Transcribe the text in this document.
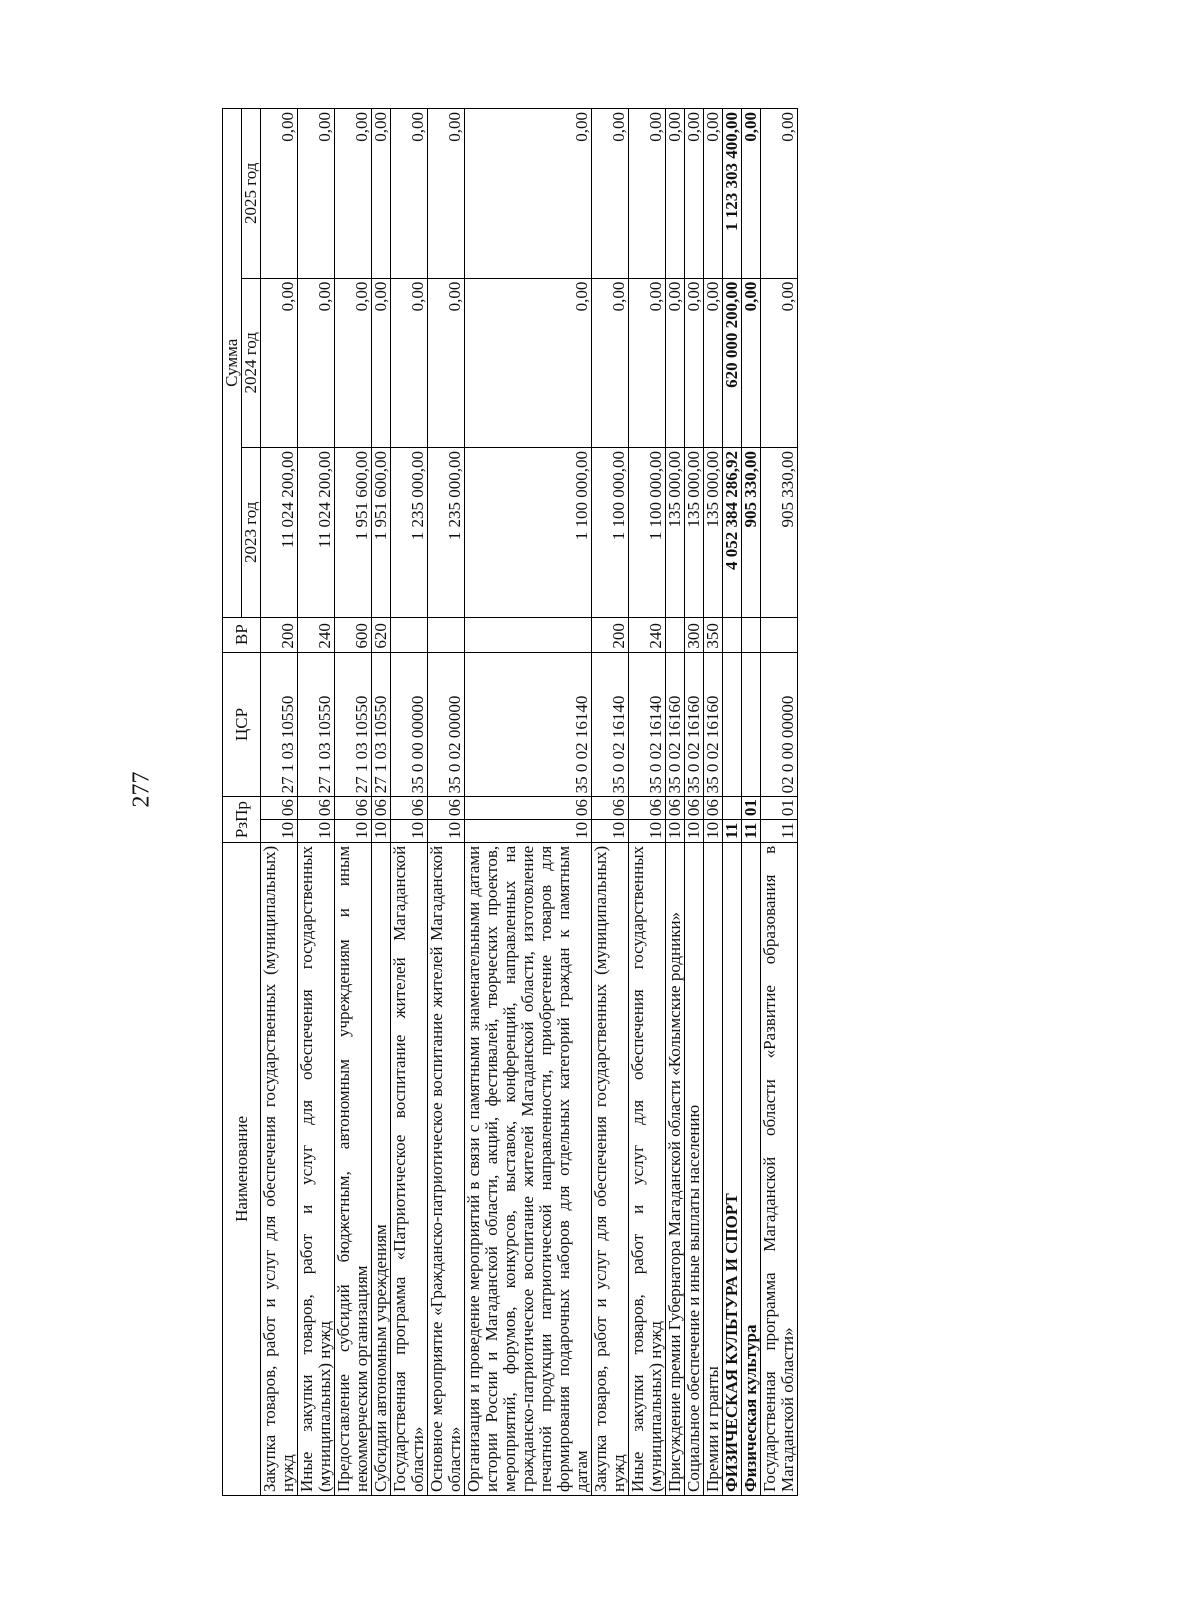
277
Наименование	РзПр		ЦСР	ВР	Сумма		
					2023 год	2024 год	2025 год
Закупка товаров, работ и услуг для обеспечения государственных (муниципальных) нужд	10	06	27 1 03 10550	200	11 024 200,00	0,00	0,00
Иные закупки товаров, работ и услуг для обеспечения государственных (муниципальных) нужд	10	06	27 1 03 10550	240	11 024 200,00	0,00	0,00
Предоставление субсидий бюджетным, автономным учреждениям и иным некоммерческим организациям	10	06	27 1 03 10550	600	1 951 600,00	0,00	0,00
Субсидии автономным учреждениям	10	06	27 1 03 10550	620	1 951 600,00	0,00	0,00
Государственная программа «Патриотическое воспитание жителей Магаданской области»	10	06	35 0 00 00000		1 235 000,00	0,00	0,00
Основное мероприятие «Гражданско-патриотическое воспитание жителей Магаданской области»	10	06	35 0 02 00000		1 235 000,00	0,00	0,00
Организация и проведение мероприятий в связи с памятными знаменательными датами истории России и Магаданской области, акций, фестивалей, творческих проектов, мероприятий, форумов, конкурсов, выставок, конференций, направленных на гражданско-патриотическое воспитание жителей Магаданской области, изготовление печатной продукции патриотической направленности, приобретение товаров для формирования подарочных наборов для отдельных категорий граждан к памятным датам	10	06	35 0 02 16140		1 100 000,00	0,00	0,00
Закупка товаров, работ и услуг для обеспечения государственных (муниципальных) нужд	10	06	35 0 02 16140	200	1 100 000,00	0,00	0,00
Иные закупки товаров, работ и услуг для обеспечения государственных (муниципальных) нужд	10	06	35 0 02 16140	240	1 100 000,00	0,00	0,00
Присуждение премии Губернатора Магаданской области «Колымские родники»	10	06	35 0 02 16160		135 000,00	0,00	0,00
Социальное обеспечение и иные выплаты населению	10	06	35 0 02 16160	300	135 000,00	0,00	0,00
Премии и гранты	10	06	35 0 02 16160	350	135 000,00	0,00	0,00
ФИЗИЧЕСКАЯ КУЛЬТУРА И СПОРТ	11				4 052 384 286,92	620 000 200,00	1 123 303 400,00
Физическая культура	11	01			905 330,00	0,00	0,00
Государственная программа Магаданской области «Развитие образования в Магаданской области»	11	01	02 0 00 00000		905 330,00	0,00	0,00
